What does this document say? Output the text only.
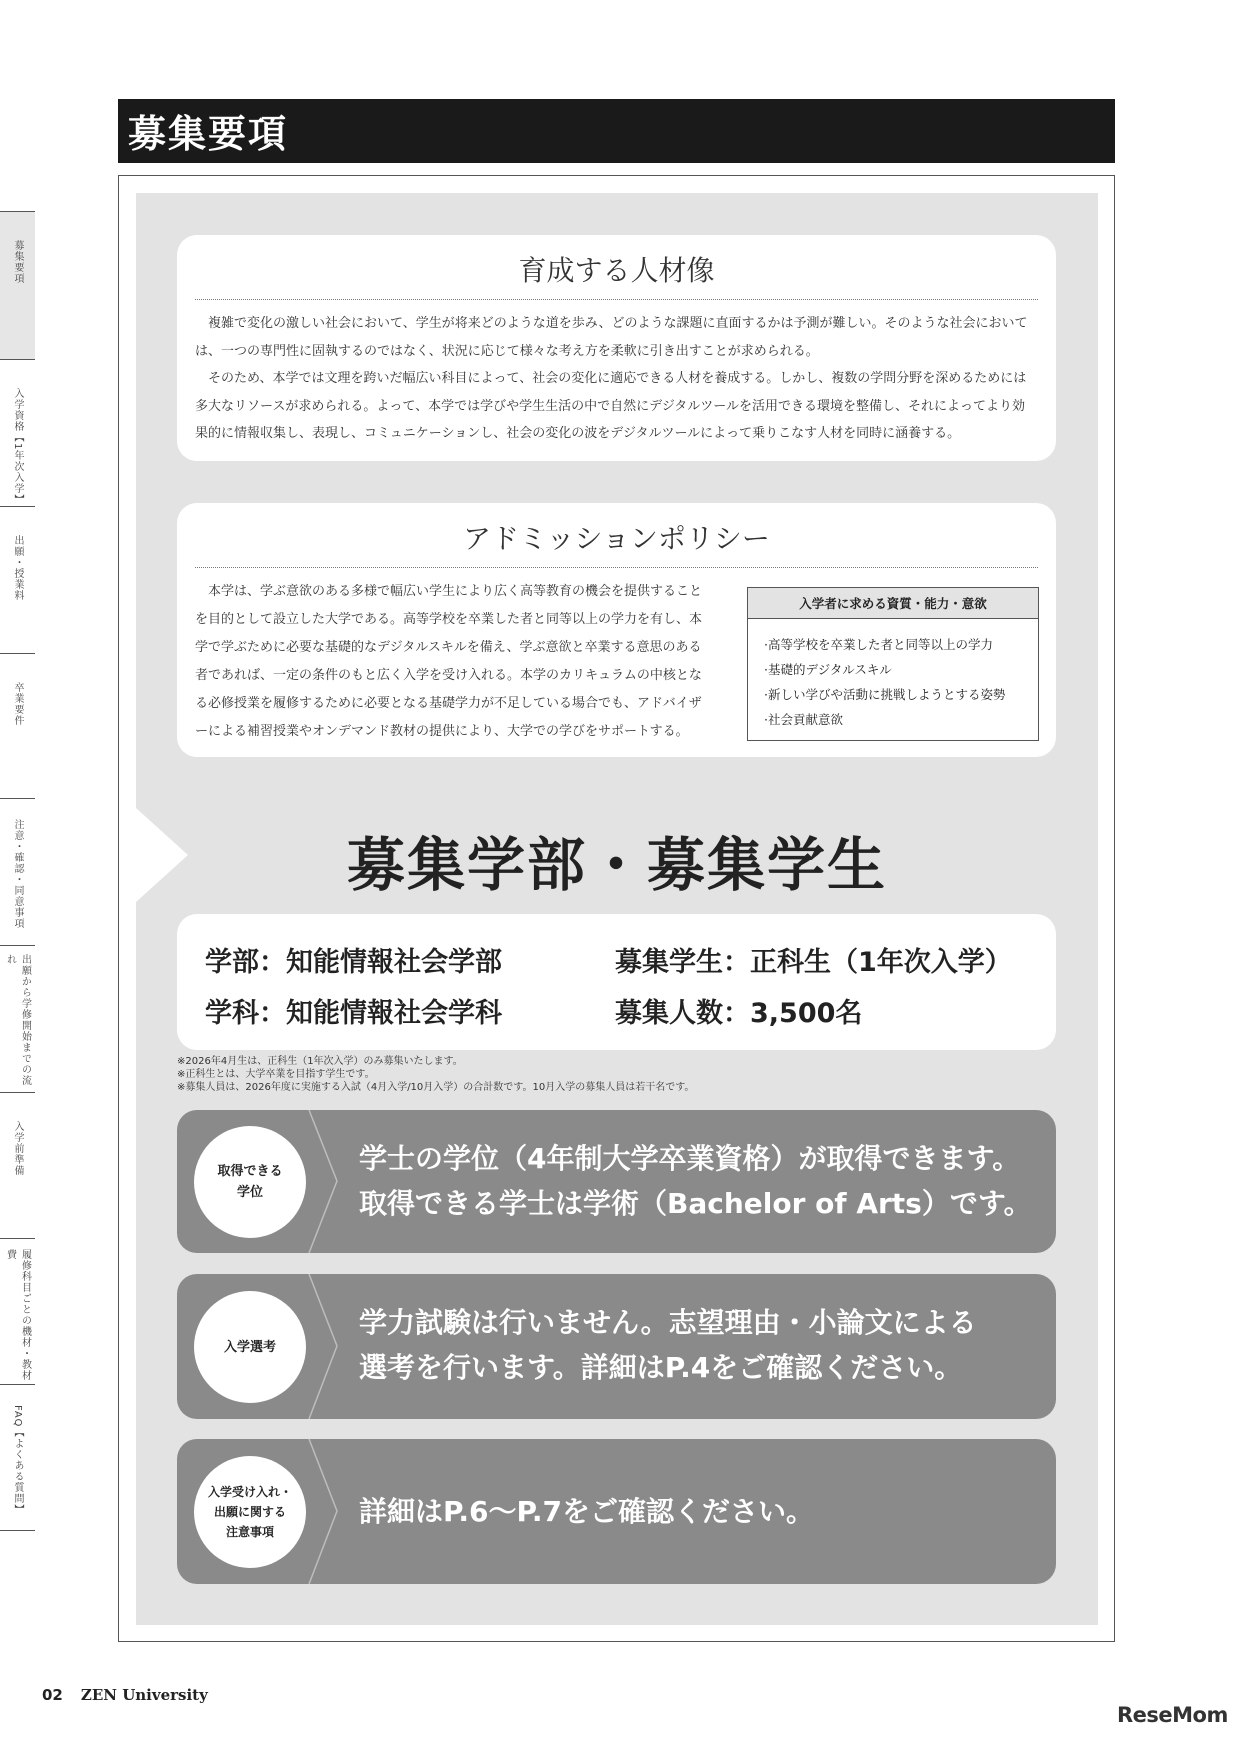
募集要項
入学資格【1年次入学】
出願・授業料
卒業要件
注意・確認・同意事項
出願から学修開始までの流れ
入学前準備
履修科目ごとの機材・教材費
FAQ【よくある質問】
募集要項
育成する人材像

複雑で変化の激しい社会において、学生が将来どのような道を歩み、どのような課題に直面するかは予測が難しい。そのような社会においては、一つの専門性に固執するのではなく、状況に応じて様々な考え方を柔軟に引き出すことが求められる。

そのため、本学では文理を跨いだ幅広い科目によって、社会の変化に適応できる人材を養成する。しかし、複数の学問分野を深めるためには多大なリソースが求められる。よって、本学では学びや学生生活の中で自然にデジタルツールを活用できる環境を整備し、それによってより効果的に情報収集し、表現し、コミュニケーションし、社会の変化の波をデジタルツールによって乗りこなす人材を同時に涵養する。

アドミッションポリシー

本学は、学ぶ意欲のある多様で幅広い学生により広く高等教育の機会を提供することを目的として設立した大学である。高等学校を卒業した者と同等以上の学力を有し、本学で学ぶために必要な基礎的なデジタルスキルを備え、学ぶ意欲と卒業する意思のある者であれば、一定の条件のもと広く入学を受け入れる。本学のカリキュラムの中核となる必修授業を履修するために必要となる基礎学力が不足している場合でも、アドバイザーによる補習授業やオンデマンド教材の提供により、大学での学びをサポートする。

入学者に求める資質・能力・意欲
·高等学校を卒業した者と同等以上の学力
·基礎的デジタルスキル
·新しい学びや活動に挑戦しようとする姿勢
·社会貢献意欲
募集学部・募集学生
学部：知能情報社会学部	募集学生：正科生（1年次入学）
学科：知能情報社会学科	募集人数：3,500名
※2026年4月生は、正科生（1年次入学）のみ募集いたします。
※正科生とは、大学卒業を目指す学生です。
※募集人員は、2026年度に実施する入試（4月入学/10月入学）の合計数です。10月入学の募集人員は若干名です。
取得できる
学位
学士の学位（4年制大学卒業資格）が取得できます。
取得できる学士は学術（Bachelor of Arts）です。
入学選考
学力試験は行いません。志望理由・小論文による
選考を行います。詳細はP.4をご確認ください。
入学受け入れ・
出願に関する
注意事項
詳細はP.6〜P.7をご確認ください。
02 ZEN University
ReseMom
